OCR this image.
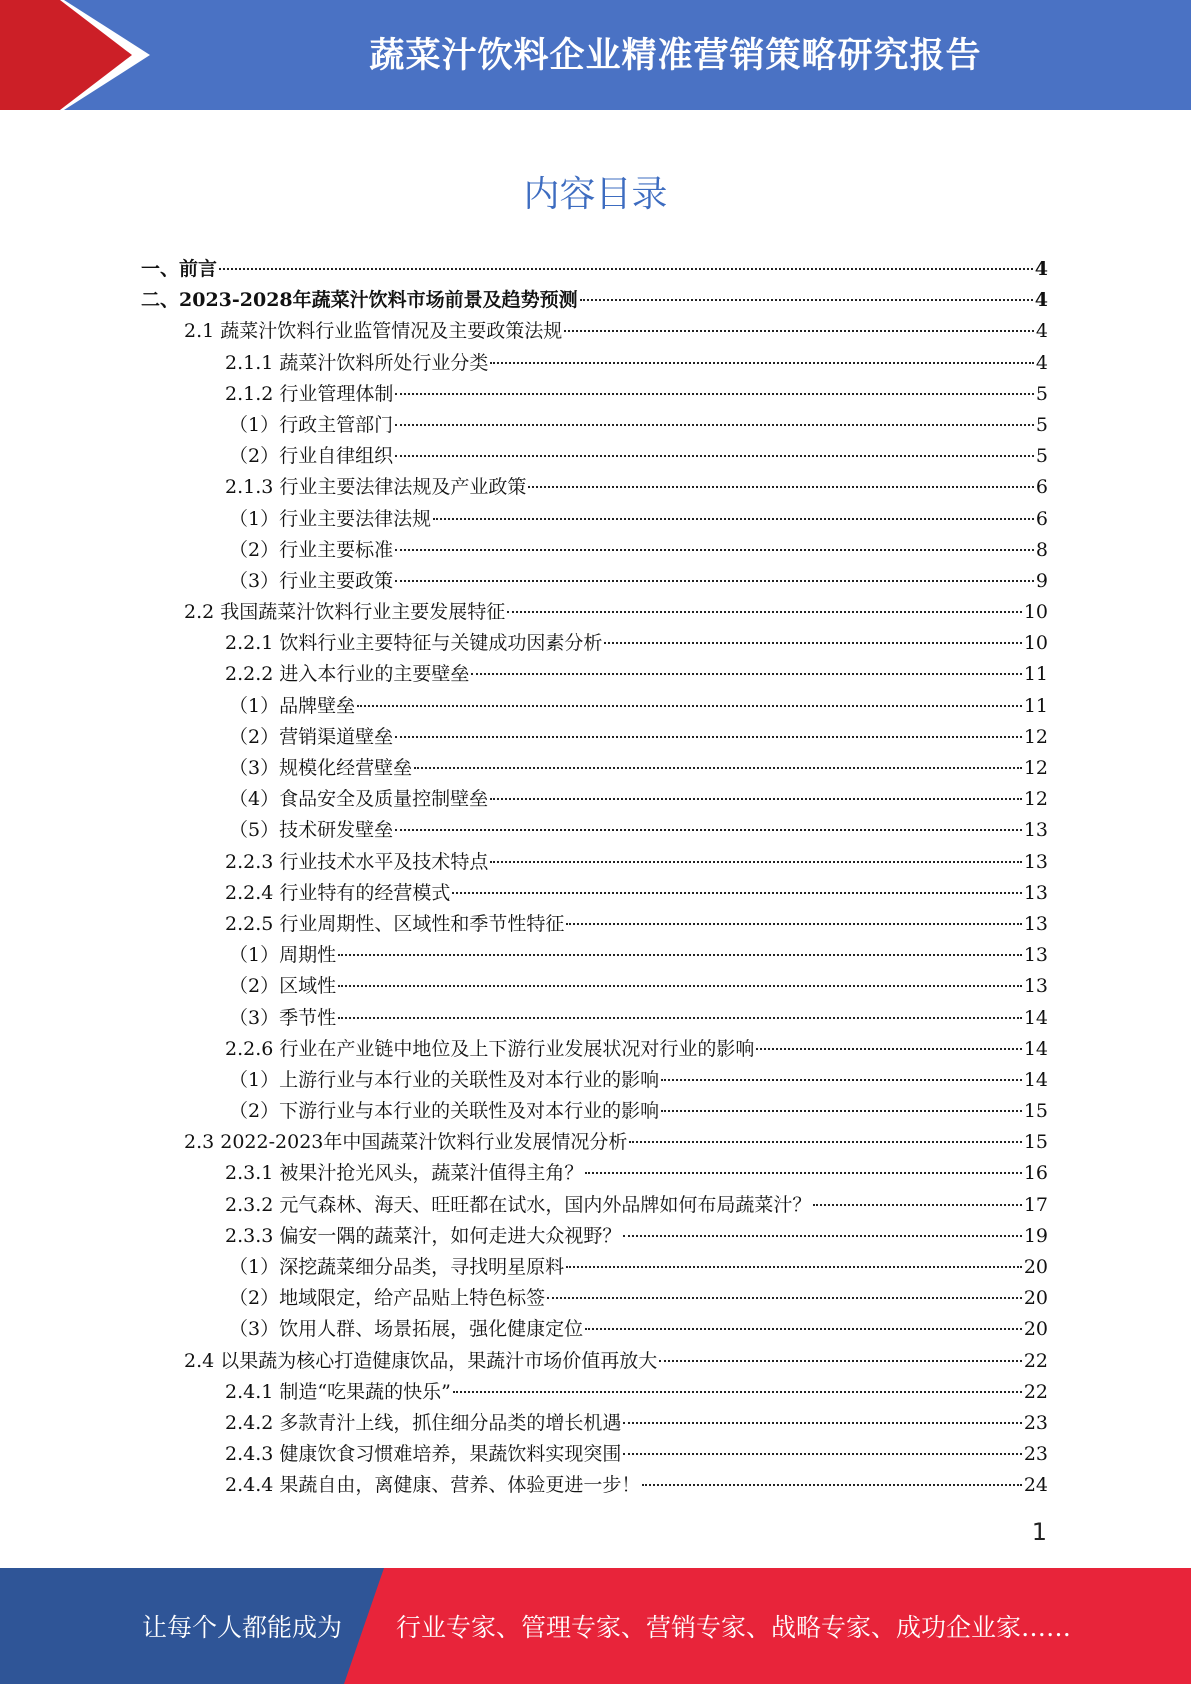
蔬菜汁饮料企业精准营销策略研究报告
内容目录
一、前言	4
二、2023-2028年蔬菜汁饮料市场前景及趋势预测	4
2.1 蔬菜汁饮料行业监管情况及主要政策法规	4
2.1.1 蔬菜汁饮料所处行业分类	4
2.1.2 行业管理体制	5
（1）行政主管部门	5
（2）行业自律组织	5
2.1.3 行业主要法律法规及产业政策	6
（1）行业主要法律法规	6
（2）行业主要标准	8
（3）行业主要政策	9
2.2 我国蔬菜汁饮料行业主要发展特征	10
2.2.1 饮料行业主要特征与关键成功因素分析	10
2.2.2 进入本行业的主要壁垒	11
（1）品牌壁垒	11
（2）营销渠道壁垒	12
（3）规模化经营壁垒	12
（4）食品安全及质量控制壁垒	12
（5）技术研发壁垒	13
2.2.3 行业技术水平及技术特点	13
2.2.4 行业特有的经营模式	13
2.2.5 行业周期性、区域性和季节性特征	13
（1）周期性	13
（2）区域性	13
（3）季节性	14
2.2.6 行业在产业链中地位及上下游行业发展状况对行业的影响	14
（1）上游行业与本行业的关联性及对本行业的影响	14
（2）下游行业与本行业的关联性及对本行业的影响	15
2.3 2022-2023年中国蔬菜汁饮料行业发展情况分析	15
2.3.1 被果汁抢光风头，蔬菜汁值得主角？	16
2.3.2 元气森林、海天、旺旺都在试水，国内外品牌如何布局蔬菜汁？	17
2.3.3 偏安一隅的蔬菜汁，如何走进大众视野？	19
（1）深挖蔬菜细分品类，寻找明星原料	20
（2）地域限定，给产品贴上特色标签	20
（3）饮用人群、场景拓展，强化健康定位	20
2.4 以果蔬为核心打造健康饮品，果蔬汁市场价值再放大	22
2.4.1 制造“吃果蔬的快乐”	22
2.4.2 多款青汁上线，抓住细分品类的增长机遇	23
2.4.3 健康饮食习惯难培养，果蔬饮料实现突围	23
2.4.4 果蔬自由，离健康、营养、体验更进一步！	24
1
让每个人都能成为 行业专家、管理专家、营销专家、战略专家、成功企业家……
